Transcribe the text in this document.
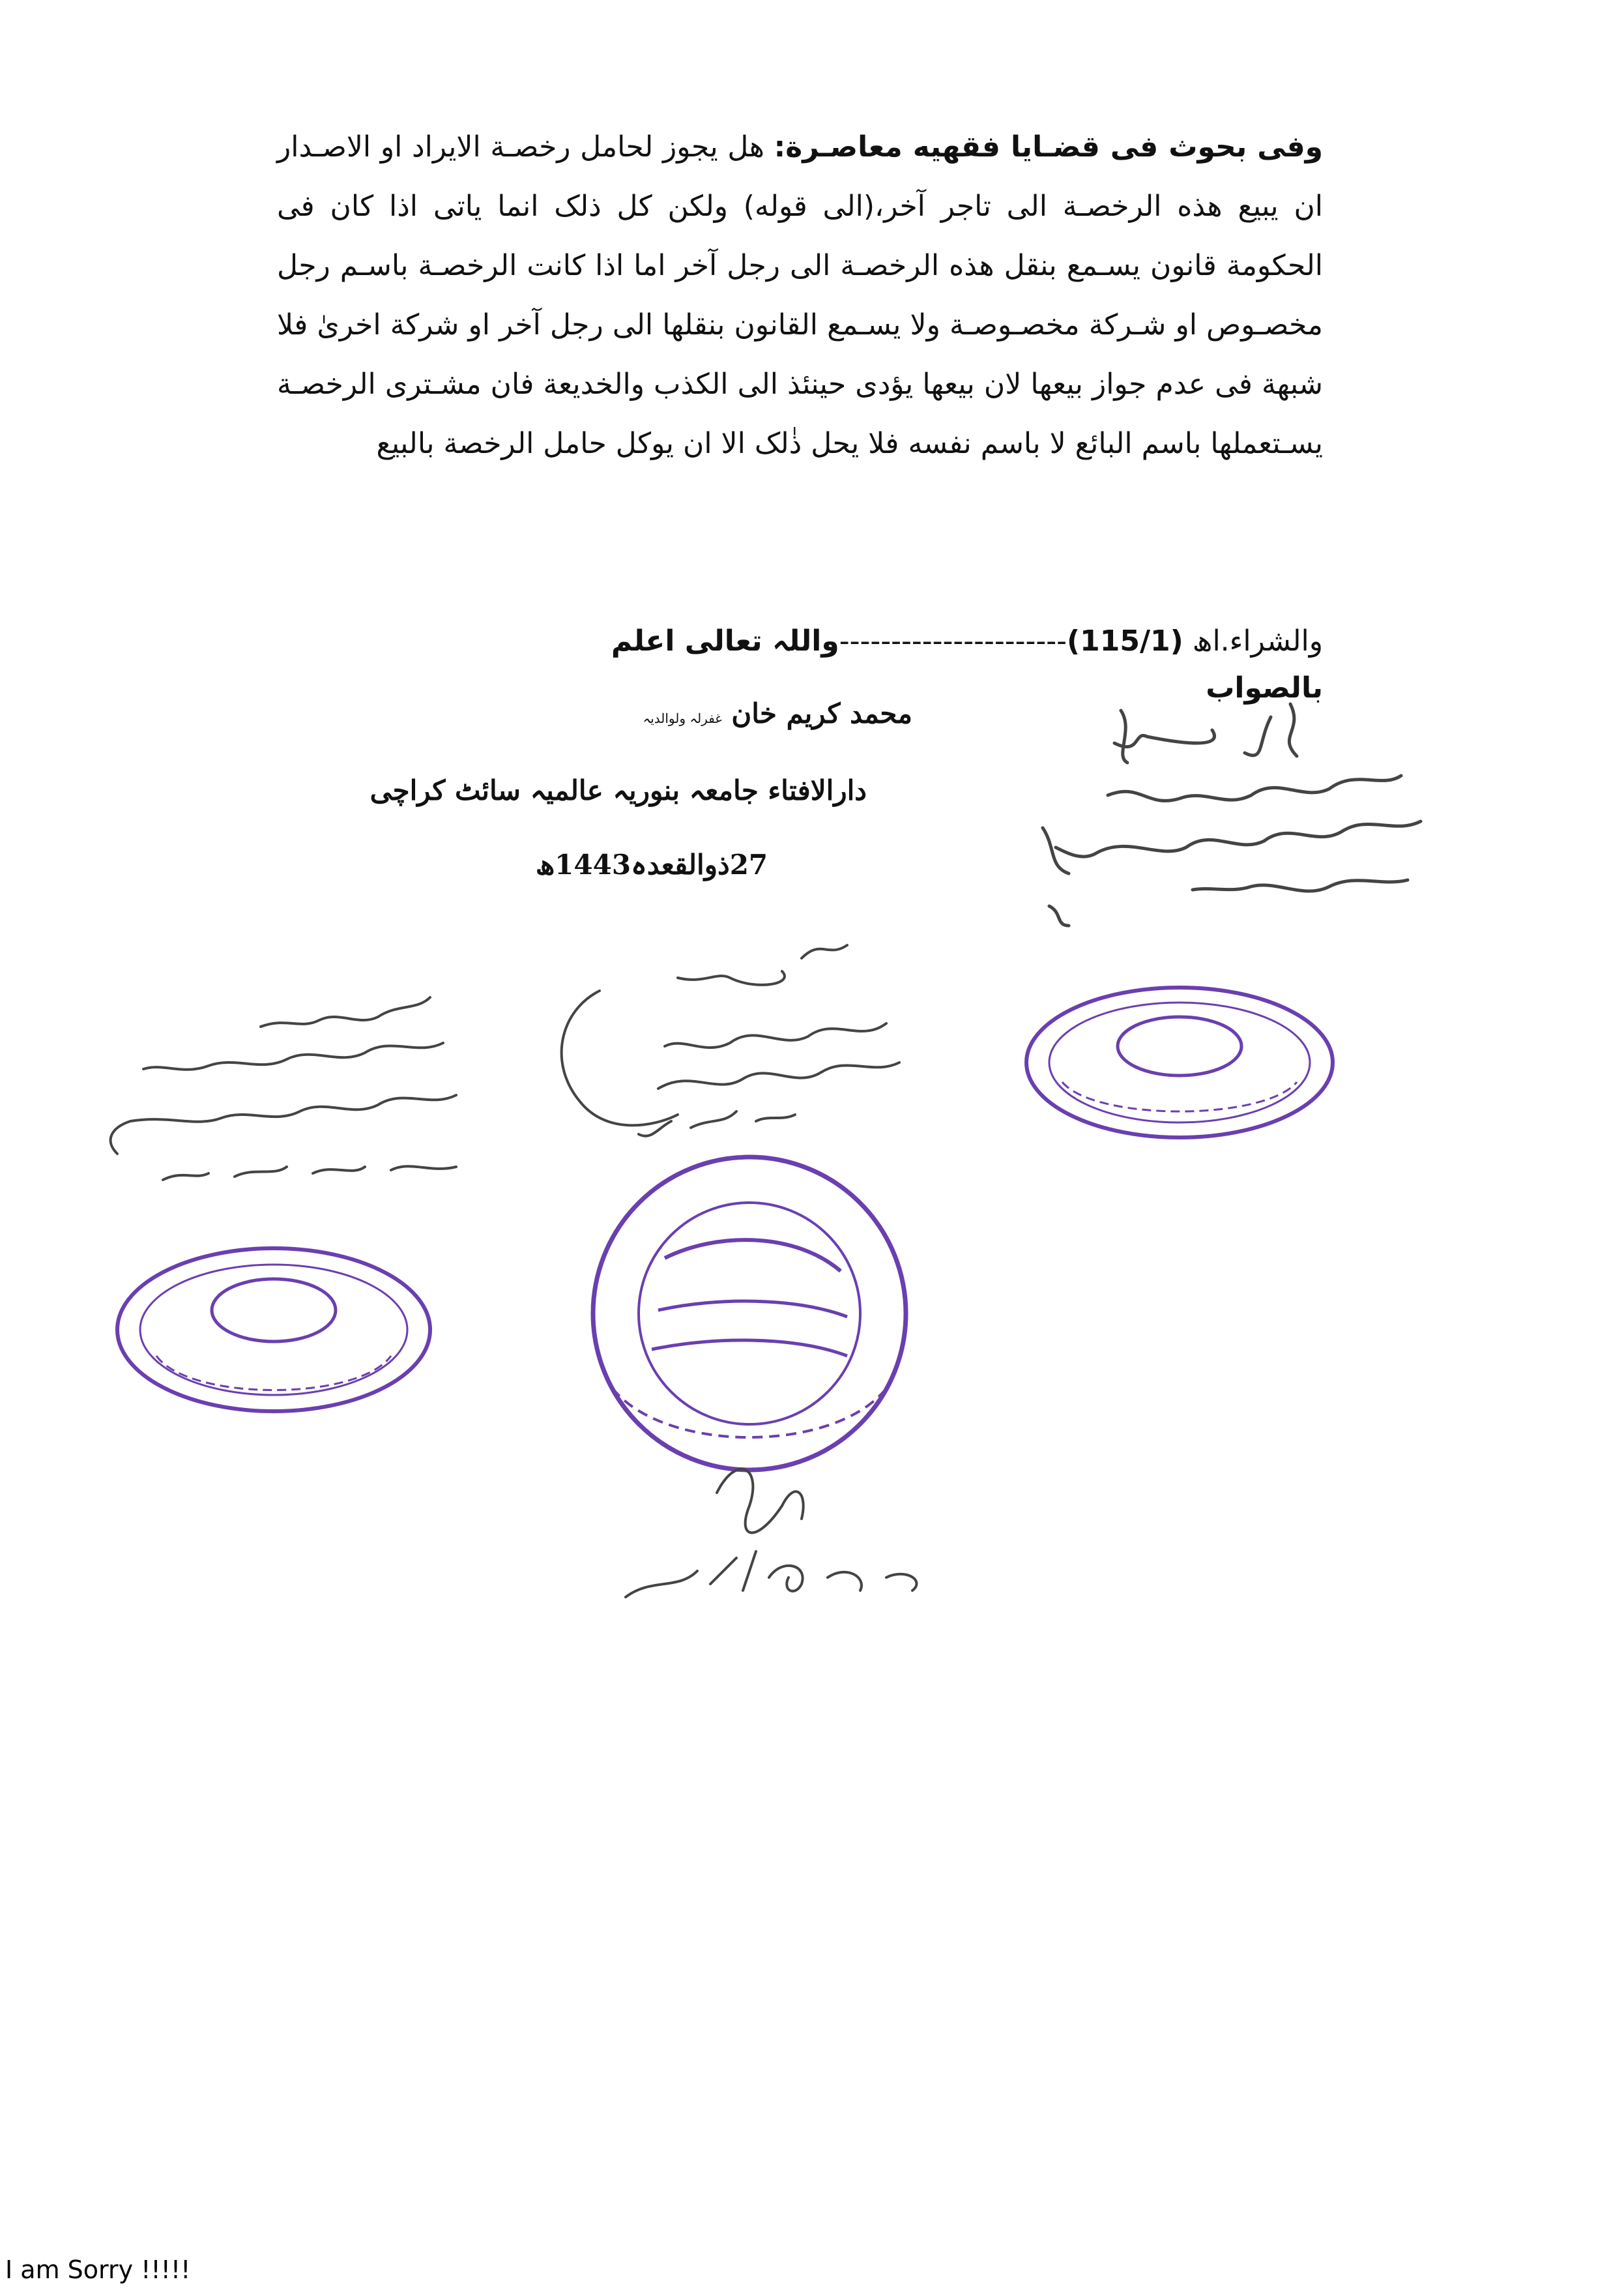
وفی بحوث فی قضـایا فقهیه معاصـرة: هل یجوز لحامل رخصـة الایراد او الاصـدار ان یبیع هذه الرخصـة الی تاجر آخر،(الی قوله) ولکن کل ذلک انما یاتی اذا کان فی الحکومة قانون یسـمع بنقل هذه الرخصـة الی رجل آخر اما اذا کانت الرخصـة باسـم رجل مخصـوص او شـرکة مخصـوصـة ولا یسـمع القانون بنقلها الی رجل آخر او شرکة اخریٰ فلا شبهة فی عدم جواز بیعها لان بیعها یؤدی حینئذ الی الکذب والخدیعة فان مشـتری الرخصـة یسـتعملها باسم البائع لا باسم نفسه فلا یحل ذٰلک الا ان یوکل حامل الرخصة بالبیع
والشراء.اھ (115/1)----------------------واللہ تعالی اعلم بالصواب
محمد کریم خان غفرلہ ولوالدیہ
دارالافتاء جامعہ بنوریہ عالمیہ سائٹ کراچی
27ذوالقعدہ1443ھ
I am Sorry !!!!!
